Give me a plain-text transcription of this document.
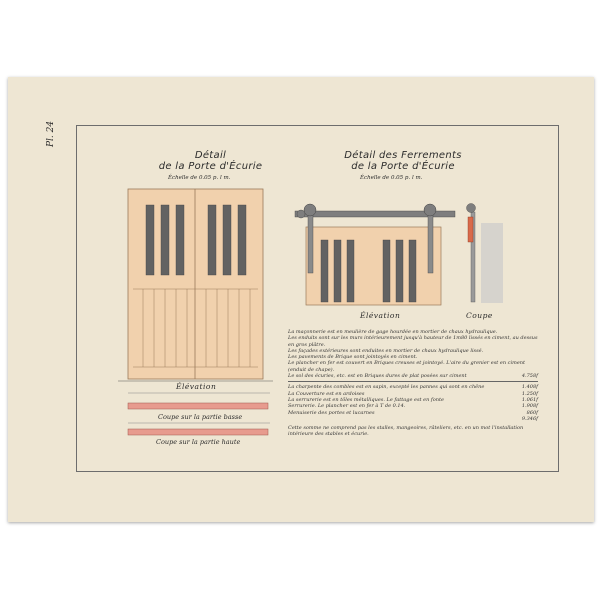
Pl. 24
Détail
de la Porte d'Écurie
Échelle de 0.05 p. l m.
Détail des Ferrements
de la Porte d'Écurie
Échelle de 0.05 p. l m.
Élévation
Coupe sur la partie basse
Coupe sur la partie haute
Élévation	Coupe

La maçonnerie est en meulière de gage hourdée en mortier de chaux hydraulique.

Les enduits sont sur les murs intérieurement jusqu'à hauteur de 1m80 lissés en ciment, au dessus en gros plâtre.

Les façades extérieures sont enduites en mortier de chaux hydraulique lissé.

Les pavements de Brique sont jointoyés en ciment.

Le plancher en fer est couvert en Briques creuses et jointoyé. L'aire du grenier est en ciment (enduit de chape).

Le sol des écuries, etc. est en Briques dures de plat posées sur ciment	4.758f
La charpente des combles est en sapin, excepté les pannes qui sont en chêne	1.408f
La Couverture est en ardoises	1.250f
La serrurerie est en tôles métalliques. Le fattage est en fonte	1.061f
Serrurerie. Le plancher est en fer à T de 0.14.	1.908f
Menuiserie des portes et lucarnes	860f
9.346f

Cette somme ne comprend pas les stalles, mangeoires, râteliers, etc. en un mot l'installation intérieure des stables et écurie.
